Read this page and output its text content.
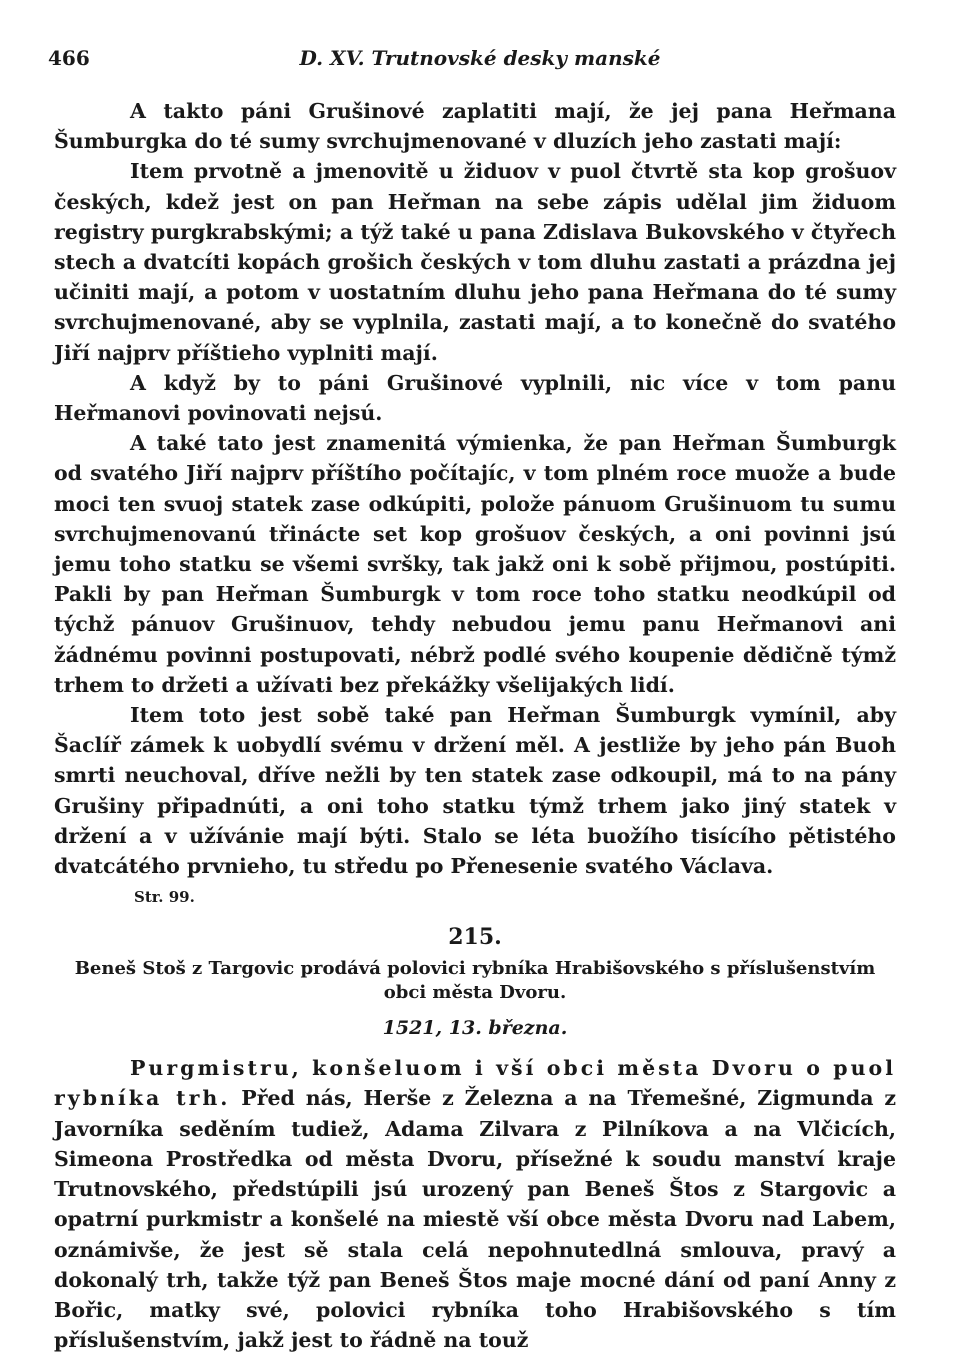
466	D. XV. Trutnovské desky manské

A takto páni Grušinové zaplatiti mají, že jej pana Heřmana Šumburgka do té sumy svrchujmenované v dluzích jeho zastati mají:

Item prvotně a jmenovitě u židuov v puol čtvrtě sta kop grošuov českých, kdež jest on pan Heřman na sebe zápis udělal jim židuom registry purgkrabskými; a týž také u pana Zdislava Bukovského v čtyřech stech a dvatcíti kopách grošich českých v tom dluhu zastati a prázdna jej učiniti mají, a potom v uostatním dluhu jeho pana Heřmana do té sumy svrchujmenované, aby se vyplnila, zastati mají, a to konečně do svatého Jiří najprv příštieho vyplniti mají.

A když by to páni Grušinové vyplnili, nic více v tom panu Heřmanovi povinovati nejsú.

A také tato jest znamenitá výmienka, že pan Heřman Šumburgk od svatého Jiří najprv příštího počítajíc, v tom plném roce muože a bude moci ten svuoj statek zase odkúpiti, polože pánuom Grušinuom tu sumu svrchujmenovanú třinácte set kop grošuov českých, a oni povinni jsú jemu toho statku se všemi svršky, tak jakž oni k sobě přijmou, postúpiti. Pakli by pan Heřman Šumburgk v tom roce toho statku neodkúpil od týchž pánuov Grušinuov, tehdy nebudou jemu panu Heřmanovi ani žádnému povinni postupovati, nébrž podlé svého koupenie dědičně týmž trhem to držeti a užívati bez překážky všelijakých lidí.

Item toto jest sobě také pan Heřman Šumburgk vymínil, aby Šaclíř zámek k uobydlí svému v držení měl. A jestliže by jeho pán Buoh smrti neuchoval, dříve nežli by ten statek zase odkoupil, má to na pány Grušiny připadnúti, a oni toho statku týmž trhem jako jiný statek v držení a v užívánie mají býti. Stalo se léta buožího tisícího pětistého dvatcátého prvnieho, tu středu po Přenesenie svatého Václava.

Str. 99.
215.
Beneš Stoš z Targovic prodává polovici rybníka Hrabišovského s příslušenstvím obci města Dvoru.
1521, 13. března.

Purgmistru, konšeluom i vší obci města Dvoru o puol rybníka trh. Před nás, Herše z Železna a na Třemešné, Zigmunda z Javorníka seděním tudiež, Adama Zilvara z Pilníkova a na Vlčicích, Simeona Prostředka od města Dvoru, přísežné k soudu manství kraje Trutnovského, předstúpili jsú urozený pan Beneš Štos z Stargovic a opatrní purkmistr a konšelé na miestě vší obce města Dvoru nad Labem, oznámivše, že jest sě stala celá nepohnutedlná smlouva, pravý a dokonalý trh, takže týž pan Beneš Štos maje mocné dání od paní Anny z Bořic, matky své, polovici rybníka toho Hrabišovského s tím příslušenstvím, jakž jest to řádně na touž
